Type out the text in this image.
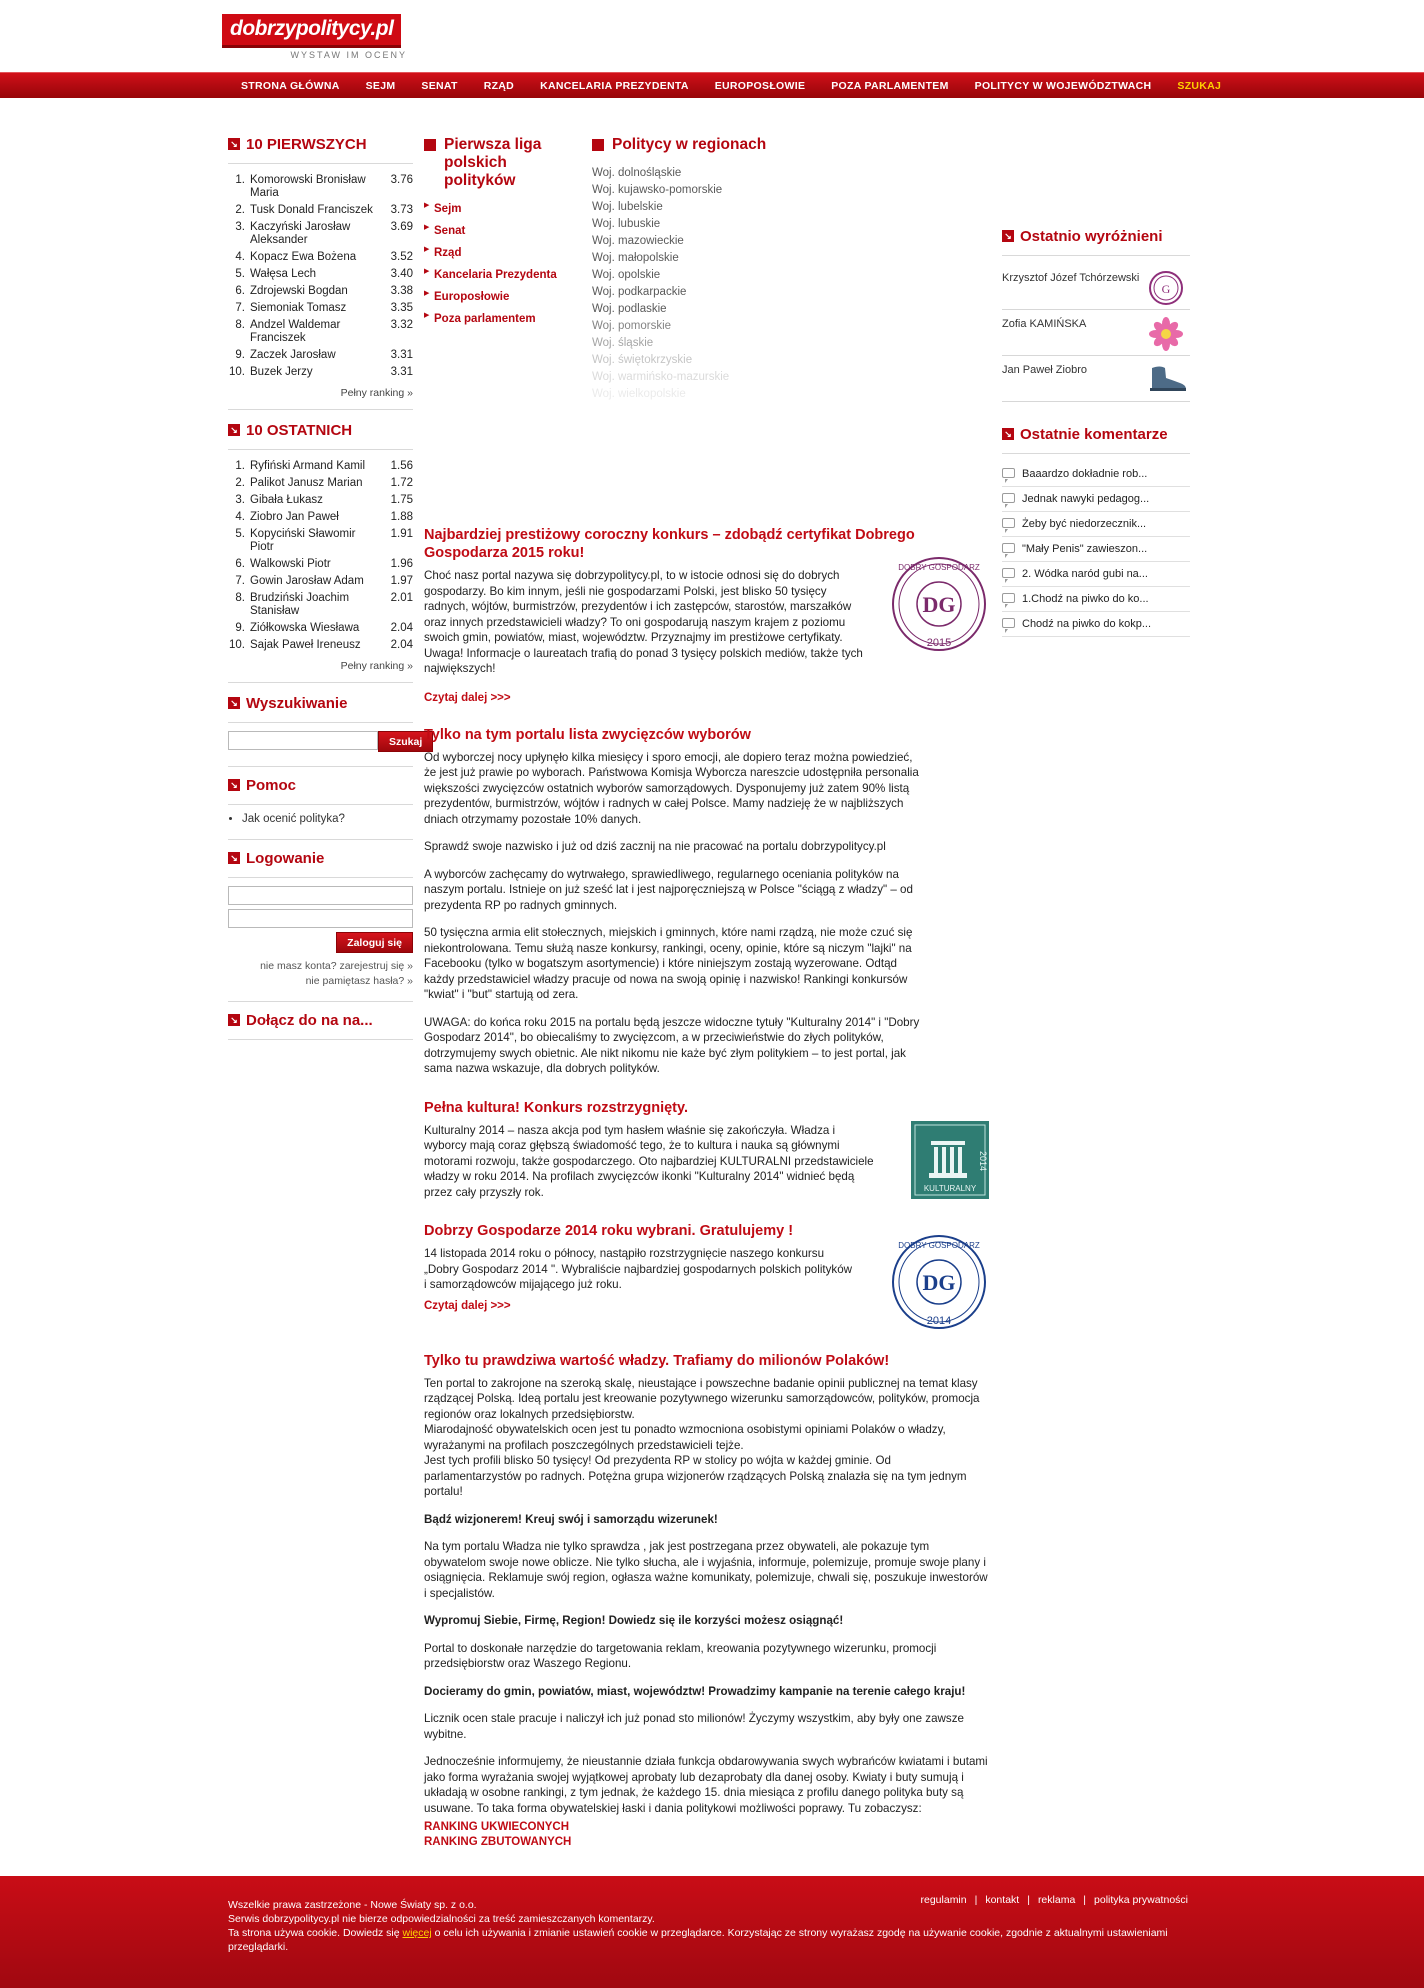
dobrzypolitycy.pl
WYSTAW IM OCENY
STRONA GŁÓWNA	SEJM	SENAT	RZĄD	KANCELARIA PREZYDENTA	EUROPOSŁOWIE	POZA PARLAMENTEM	POLITYCY W WOJEWÓDZTWACH	SZUKAJ
↘
10 PIERWSZYCH
1. Komorowski Bronisław Maria
3.76
2. Tusk Donald Franciszek	3.73
3. Kaczyński Jarosław Aleksander
3.69
4. Kopacz Ewa Bożena	3.52
5. Wałęsa Lech	3.40
6. Zdrojewski Bogdan	3.38
7. Siemoniak Tomasz	3.35
8. Andzel Waldemar Franciszek
3.32
9. Zaczek Jarosław	3.31
10. Buzek Jerzy	3.31
Pełny ranking »
↘
10 OSTATNICH
1. Ryfiński Armand Kamil	1.56
2. Palikot Janusz Marian	1.72
3. Gibała Łukasz	1.75
4. Ziobro Jan Paweł	1.88
5. Kopyciński Sławomir Piotr
1.91
6. Walkowski Piotr	1.96
7. Gowin Jarosław Adam	1.97
8. Brudziński Joachim Stanisław
2.01
9. Ziółkowska Wiesława	2.04
10. Sajak Paweł Ireneusz	2.04
Pełny ranking »
↘
Wyszukiwanie
Szukaj
↘
Pomoc
• Jak ocenić polityka?
↘
Logowanie

Zaloguj się
nie masz konta? zarejestruj się »
nie pamiętasz hasła? »
↘
Dołącz do na na...
Pierwsza liga polskich polityków
▶ Sejm
▶ Senat
▶ Rząd
▶ Kancelaria Prezydenta
▶ Europosłowie
▶ Poza parlamentem
Politycy w regionach
Woj. dolnośląskie
Woj. kujawsko-pomorskie
Woj. lubelskie
Woj. lubuskie
Woj. mazowieckie
Woj. małopolskie
Woj. opolskie
Woj. podkarpackie
Woj. podlaskie
Woj. pomorskie
Woj. śląskie
Woj. świętokrzyskie
Woj. warmińsko-mazurskie
Woj. wielkopolskie
↘
Ostatnio wyróżnieni
Krzysztof Józef Tchórzewski
G
Zofia KAMIŃSKA
Jan Paweł Ziobro
↘
Ostatnie komentarze
Baaardzo dokładnie rob...
Jednak nawyki pedagog...
Żeby być niedorzecznik...
"Mały Penis" zawieszon...
2. Wódka naród gubi na...
1.Chodź na piwko do ko...
Chodź na piwko do kokp...
Najbardziej prestiżowy coroczny konkurs – zdobądź certyfikat Dobrego Gospodarza 2015 roku!
Choć nasz portal nazywa się dobrzypolitycy.pl, to w istocie odnosi się do dobrych gospodarzy. Bo kim innym, jeśli nie gospodarzami Polski, jest blisko 50 tysięcy radnych, wójtów, burmistrzów, prezydentów i ich zastępców, starostów, marszałków oraz innych przedstawicieli władzy? To oni gospodarują naszym krajem z poziomu swoich gmin, powiatów, miast, województw. Przyznajmy im prestiżowe certyfikaty. Uwaga! Informacje o laureatach trafią do ponad 3 tysięcy polskich mediów, także tych największych!
Czytaj dalej >>>
DG
DOBRY GOSPODARZ
2015
Tylko na tym portalu lista zwycięzców wyborów
Od wyborczej nocy upłynęło kilka miesięcy i sporo emocji, ale dopiero teraz można powiedzieć, że jest już prawie po wyborach. Państwowa Komisja Wyborcza nareszcie udostępniła personalia większości zwycięzców ostatnich wyborów samorządowych. Dysponujemy już zatem 90% listą prezydentów, burmistrzów, wójtów i radnych w całej Polsce. Mamy nadzieję że w najbliższych dniach otrzymamy pozostałe 10% danych.
Sprawdź swoje nazwisko i już od dziś zacznij na nie pracować na portalu dobrzypolitycy.pl
A wyborców zachęcamy do wytrwałego, sprawiedliwego, regularnego oceniania polityków na naszym portalu. Istnieje on już sześć lat i jest najporęczniejszą w Polsce "ściągą z władzy" – od prezydenta RP po radnych gminnych.
50 tysięczna armia elit stołecznych, miejskich i gminnych, które nami rządzą, nie może czuć się niekontrolowana. Temu służą nasze konkursy, rankingi, oceny, opinie, które są niczym "lajki" na Facebooku (tylko w bogatszym asortymencie) i które niniejszym zostają wyzerowane. Odtąd każdy przedstawiciel władzy pracuje od nowa na swoją opinię i nazwisko! Rankingi konkursów "kwiat" i "but" startują od zera.
UWAGA: do końca roku 2015 na portalu będą jeszcze widoczne tytuły "Kulturalny 2014" i "Dobry Gospodarz 2014", bo obiecaliśmy to zwycięzcom, a w przeciwieństwie do złych polityków, dotrzymujemy swych obietnic. Ale nikt nikomu nie każe być złym politykiem – to jest portal, jak sama nazwa wskazuje, dla dobrych polityków.
Pełna kultura! Konkurs rozstrzygnięty.
Kulturalny 2014 – nasza akcja pod tym hasłem właśnie się zakończyła. Władza i wyborcy mają coraz głębszą świadomość tego, że to kultura i nauka są głównymi motorami rozwoju, także gospodarczego. Oto najbardziej KULTURALNI przedstawiciele władzy w roku 2014. Na profilach zwycięzców ikonki "Kulturalny 2014" widnieć będą przez cały przyszły rok.	KULTURALNY
2014
Dobrzy Gospodarze 2014 roku wybrani. Gratulujemy !
14 listopada 2014 roku o północy, nastąpiło rozstrzygnięcie naszego konkursu „Dobry Gospodarz 2014 ". Wybraliście najbardziej gospodarnych polskich polityków i samorządowców mijającego już roku.
Czytaj dalej >>>
DG
DOBRY GOSPODARZ
2014
Tylko tu prawdziwa wartość władzy. Trafiamy do milionów Polaków!
Ten portal to zakrojone na szeroką skalę, nieustające i powszechne badanie opinii publicznej na temat klasy rządzącej Polską. Ideą portalu jest kreowanie pozytywnego wizerunku samorządowców, polityków, promocja regionów oraz lokalnych przedsiębiorstw.
Miarodajność obywatelskich ocen jest tu ponadto wzmocniona osobistymi opiniami Polaków o władzy, wyrażanymi na profilach poszczególnych przedstawicieli tejże.
Jest tych profili blisko 50 tysięcy! Od prezydenta RP w stolicy po wójta w każdej gminie. Od parlamentarzystów po radnych. Potężna grupa wizjonerów rządzących Polską znalazła się na tym jednym portalu!
Bądź wizjonerem! Kreuj swój i samorządu wizerunek!
Na tym portalu Władza nie tylko sprawdza , jak jest postrzegana przez obywateli, ale pokazuje tym obywatelom swoje nowe oblicze. Nie tylko słucha, ale i wyjaśnia, informuje, polemizuje, promuje swoje plany i osiągnięcia. Reklamuje swój region, ogłasza ważne komunikaty, polemizuje, chwali się, poszukuje inwestorów i specjalistów.
Wypromuj Siebie, Firmę, Region! Dowiedz się ile korzyści możesz osiągnąć!
Portal to doskonałe narzędzie do targetowania reklam, kreowania pozytywnego wizerunku, promocji przedsiębiorstw oraz Waszego Regionu.
Docieramy do gmin, powiatów, miast, województw! Prowadzimy kampanie na terenie całego kraju!
Licznik ocen stale pracuje i naliczył ich już ponad sto milionów! Życzymy wszystkim, aby były one zawsze wybitne.
Jednocześnie informujemy, że nieustannie działa funkcja obdarowywania swych wybrańców kwiatami i butami jako forma wyrażania swojej wyjątkowej aprobaty lub dezaprobaty dla danej osoby. Kwiaty i buty sumują i układają w osobne rankingi, z tym jednak, że każdego 15. dnia miesiąca z profilu danego polityka buty są usuwane. To taka forma obywatelskiej łaski i dania politykowi możliwości poprawy. Tu zobaczysz:
RANKING UKWIECONYCH
RANKING ZBUTOWANYCH
regulamin | kontakt | reklama | polityka prywatności
Wszelkie prawa zastrzeżone - Nowe Światy sp. z o.o.
Serwis dobrzypolitycy.pl nie bierze odpowiedzialności za treść zamieszczanych komentarzy.
Ta strona używa cookie. Dowiedz się więcej o celu ich używania i zmianie ustawień cookie w przeglądarce. Korzystając ze strony wyrażasz zgodę na używanie cookie, zgodnie z aktualnymi ustawieniami przeglądarki.
